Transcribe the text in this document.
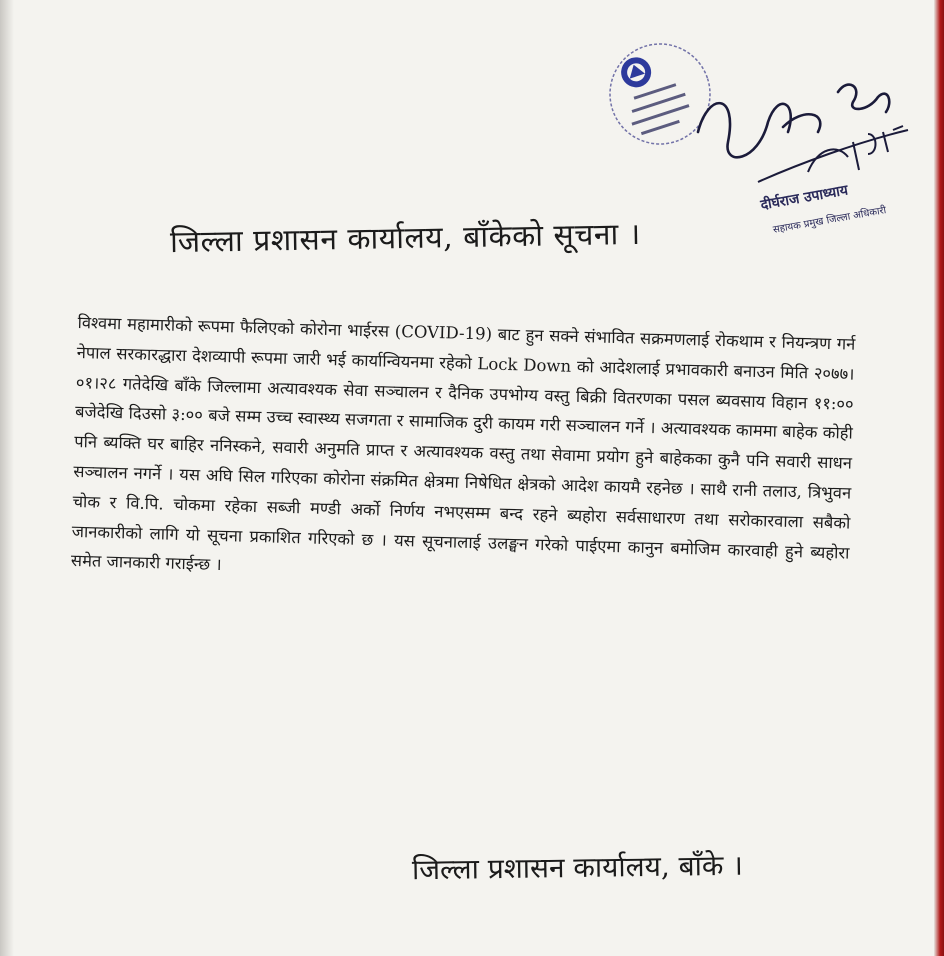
दीर्घराज उपाध्याय
सहायक प्रमुख जिल्ला अधिकारी
जिल्ला प्रशासन कार्यालय, बाँकेको सूचना ।
विश्वमा महामारीको रूपमा फैलिएको कोरोना भाईरस (COVID-19) बाट हुन सक्ने संभावित सक्रमणलाई रोकथाम र नियन्त्रण गर्न नेपाल सरकारद्धारा देशव्यापी रूपमा जारी भई कार्यान्वियनमा रहेको Lock Down को आदेशलाई प्रभावकारी बनाउन मिति २०७७।०१।२८ गतेदेखि बाँके जिल्लामा अत्यावश्यक सेवा सञ्चालन र दैनिक उपभोग्य वस्तु बिक्री वितरणका पसल ब्यवसाय विहान ११:०० बजेदेखि दिउसो ३:०० बजे सम्म उच्च स्वास्थ्य सजगता र सामाजिक दुरी कायम गरी सञ्चालन गर्ने । अत्यावश्यक काममा बाहेक कोही पनि ब्यक्ति घर बाहिर ननिस्कने, सवारी अनुमति प्राप्त र अत्यावश्यक वस्तु तथा सेवामा प्रयोग हुने बाहेकका कुनै पनि सवारी साधन सञ्चालन नगर्ने । यस अघि सिल गरिएका कोरोना संक्रमित क्षेत्रमा निषेधित क्षेत्रको आदेश कायमै रहनेछ । साथै रानी तलाउ, त्रिभुवन चोक र वि.पि. चोकमा रहेका सब्जी मण्डी अर्को निर्णय नभएसम्म बन्द रहने ब्यहोरा सर्वसाधारण तथा सरोकारवाला सबैको जानकारीको लागि यो सूचना प्रकाशित गरिएको छ । यस सूचनालाई उलङ्घन गरेको पाईएमा कानुन बमोजिम कारवाही हुने ब्यहोरा समेत जानकारी गराईन्छ ।
जिल्ला प्रशासन कार्यालय, बाँके ।
